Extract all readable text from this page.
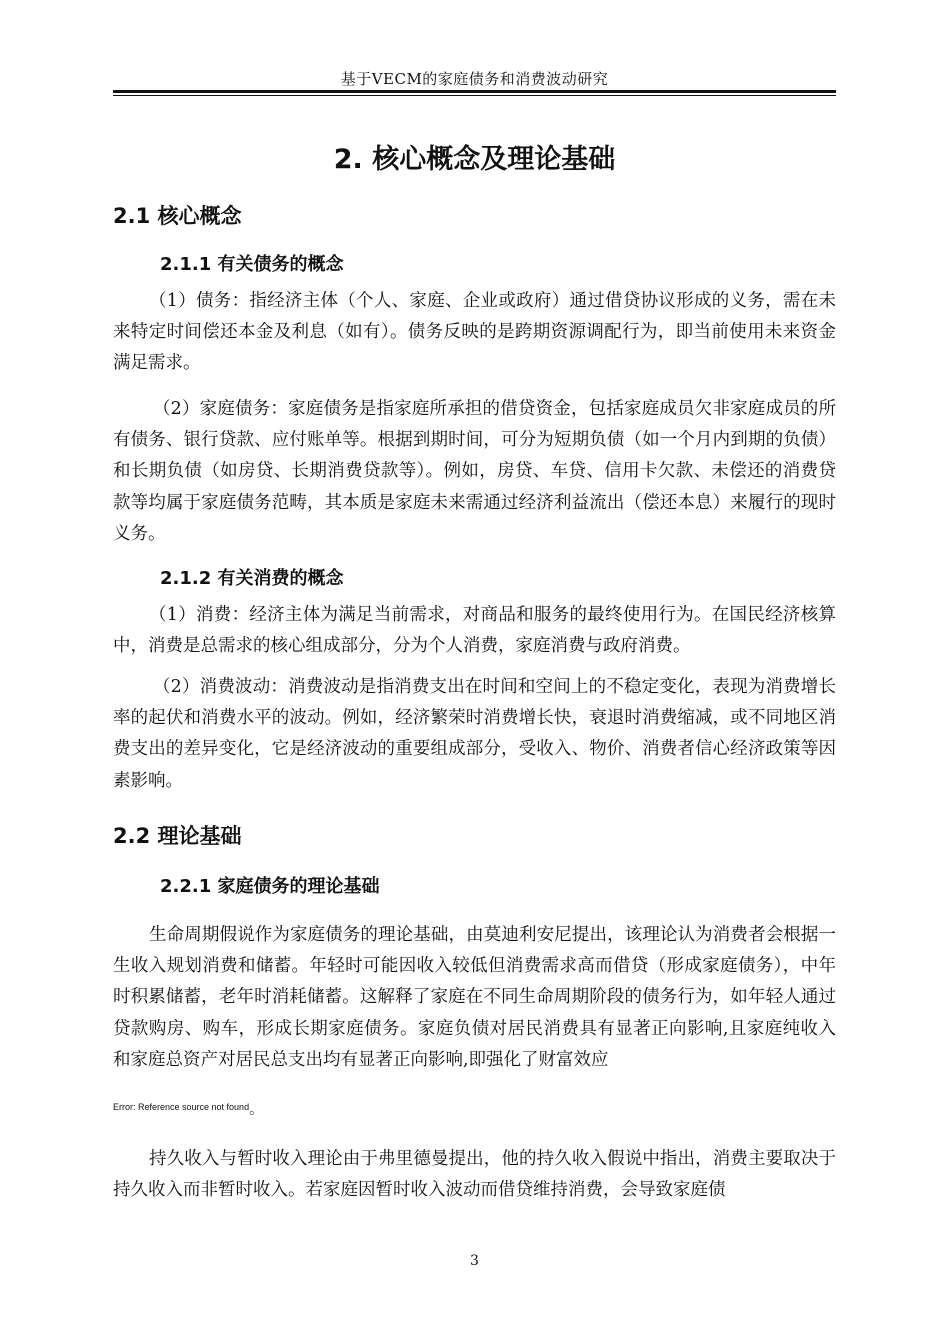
基于VECM的家庭债务和消费波动研究
2. 核心概念及理论基础
2.1 核心概念
2.1.1 有关债务的概念

（1）债务：指经济主体（个人、家庭、企业或政府）通过借贷协议形成的义务，需在未来特定时间偿还本金及利息（如有）。债务反映的是跨期资源调配行为，即当前使用未来资金满足需求。

（2）家庭债务：家庭债务是指家庭所承担的借贷资金，包括家庭成员欠非家庭成员的所有债务、银行贷款、应付账单等。根据到期时间，可分为短期负债（如一个月内到期的负债）和长期负债（如房贷、长期消费贷款等）。例如，房贷、车贷、信用卡欠款、未偿还的消费贷款等均属于家庭债务范畴，其本质是家庭未来需通过经济利益流出（偿还本息）来履行的现时义务。

2.1.2 有关消费的概念

（1）消费：经济主体为满足当前需求，对商品和服务的最终使用行为。在国民经济核算中，消费是总需求的核心组成部分，分为个人消费，家庭消费与政府消费。

（2）消费波动：消费波动是指消费支出在时间和空间上的不稳定变化，表现为消费增长率的起伏和消费水平的波动。例如，经济繁荣时消费增长快，衰退时消费缩减，或不同地区消费支出的差异变化，它是经济波动的重要组成部分，受收入、物价、消费者信心经济政策等因素影响。

2.2 理论基础
2.2.1 家庭债务的理论基础

生命周期假说作为家庭债务的理论基础，由莫迪利安尼提出，该理论认为消费者会根据一生收入规划消费和储蓄。年轻时可能因收入较低但消费需求高而借贷（形成家庭债务），中年时积累储蓄，老年时消耗储蓄。这解释了家庭在不同生命周期阶段的债务行为，如年轻人通过贷款购房、购车，形成长期家庭债务。家庭负债对居民消费具有显著正向影响,且家庭纯收入和家庭总资产对居民总支出均有显著正向影响,即强化了财富效应

Error: Reference source not found。

持久收入与暂时收入理论由于弗里德曼提出，他的持久收入假说中指出，消费主要取决于持久收入而非暂时收入。若家庭因暂时收入波动而借贷维持消费，会导致家庭债

3
